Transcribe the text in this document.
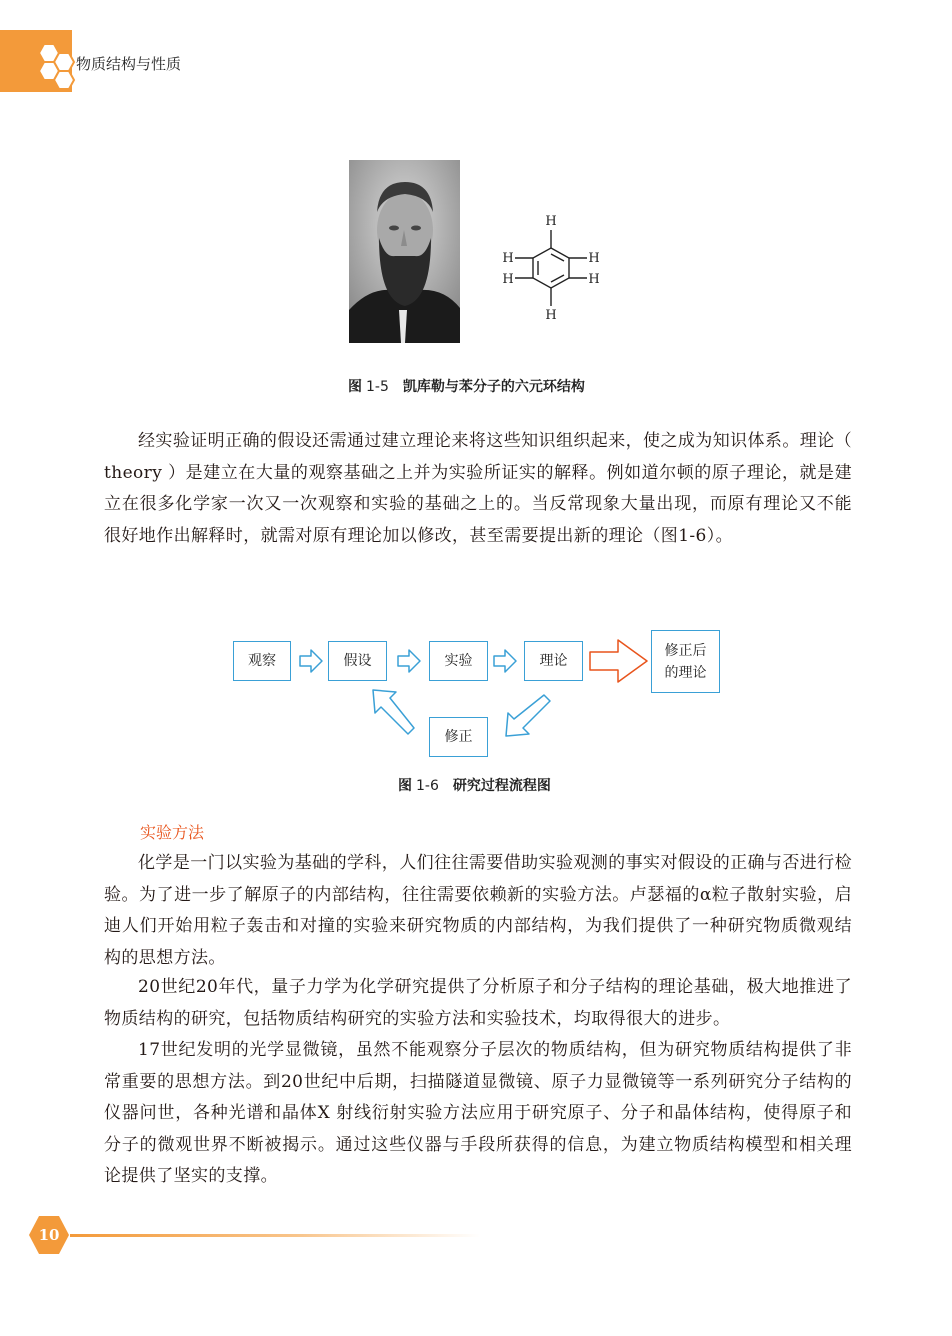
物质结构与性质
H
H
H
H
H
H
图 1-5 凯库勒与苯分子的六元环结构

经实验证明正确的假设还需通过建立理论来将这些知识组织起来，使之成为知识体系。理论（ theory ）是建立在大量的观察基础之上并为实验所证实的解释。例如道尔顿的原子理论，就是建立在很多化学家一次又一次观察和实验的基础之上的。当反常现象大量出现，而原有理论又不能很好地作出解释时，就需对原有理论加以修改，甚至需要提出新的理论（图1-6）。

观察	假设	实验	理论
修正后
的理论
修正
图 1-6 研究过程流程图
实验方法

化学是一门以实验为基础的学科，人们往往需要借助实验观测的事实对假设的正确与否进行检验。为了进一步了解原子的内部结构，往往需要依赖新的实验方法。卢瑟福的α粒子散射实验，启迪人们开始用粒子轰击和对撞的实验来研究物质的内部结构，为我们提供了一种研究物质微观结构的思想方法。

20世纪20年代，量子力学为化学研究提供了分析原子和分子结构的理论基础，极大地推进了物质结构的研究，包括物质结构研究的实验方法和实验技术，均取得很大的进步。

17世纪发明的光学显微镜，虽然不能观察分子层次的物质结构，但为研究物质结构提供了非常重要的思想方法。到20世纪中后期，扫描隧道显微镜、原子力显微镜等一系列研究分子结构的仪器问世，各种光谱和晶体X 射线衍射实验方法应用于研究原子、分子和晶体结构，使得原子和分子的微观世界不断被揭示。通过这些仪器与手段所获得的信息，为建立物质结构模型和相关理论提供了坚实的支撑。

10
